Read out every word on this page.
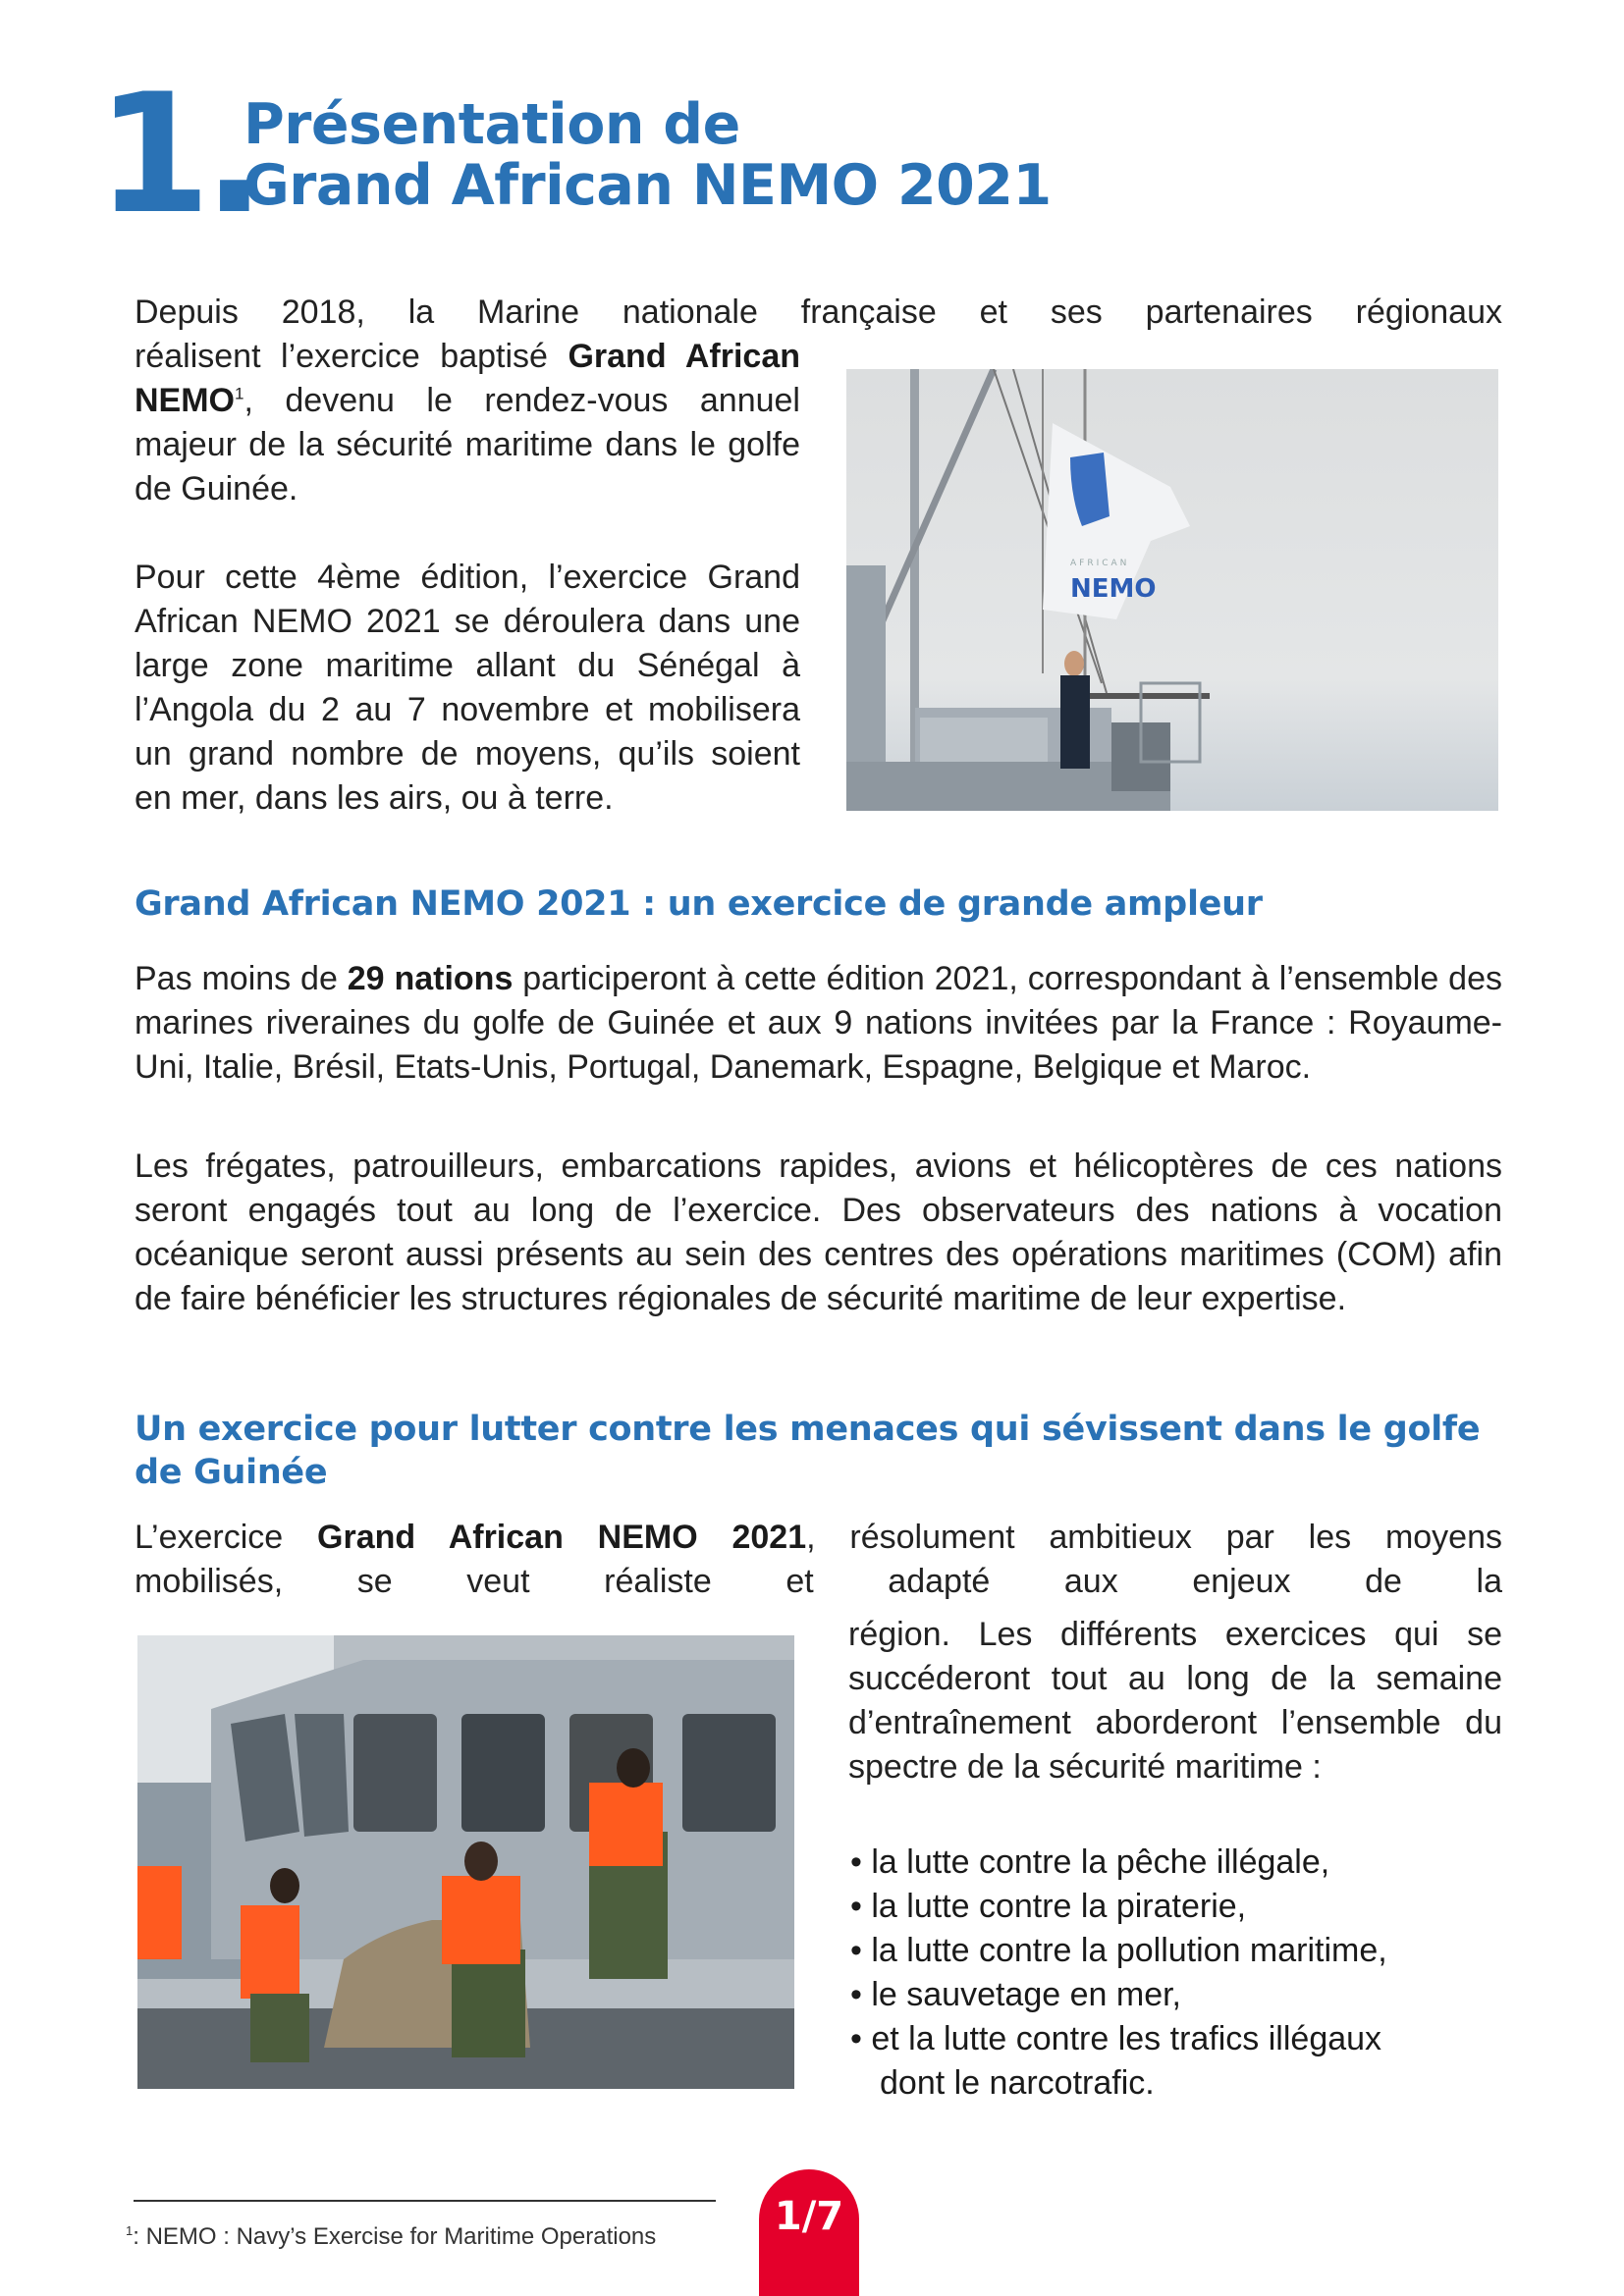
1.
Présentation de
Grand African NEMO 2021
Depuis 2018, la Marine nationale française et ses partenaires régionaux
réalisent l’exercice baptisé Grand African NEMO$^1$, devenu le rendez-vous annuel majeur de la sécurité maritime dans le golfe de Guinée.
Pour cette 4ème édition, l’exercice Grand African NEMO 2021 se déroulera dans une large zone maritime allant du Sénégal à l’Angola du 2 au 7 novembre et mobilisera un grand nombre de moyens, qu’ils soient en mer, dans les airs, ou à terre.
NEMO
AFRICAN
Grand African NEMO 2021 : un exercice de grande ampleur
Pas moins de 29 nations participeront à cette édition 2021, correspondant à l’ensemble des marines riveraines du golfe de Guinée et aux 9 nations invitées par la France : Royaume-Uni, Italie, Brésil, Etats-Unis, Portugal, Danemark, Espagne, Belgique et Maroc.
Les frégates, patrouilleurs, embarcations rapides, avions et hélicoptères de ces nations seront engagés tout au long de l’exercice. Des observateurs des nations à vocation océanique seront aussi présents au sein des centres des opérations maritimes (COM) afin de faire bénéficier les structures régionales de sécurité maritime de leur expertise.
Un exercice pour lutter contre les menaces qui sévissent dans le golfe de Guinée
L’exercice Grand African NEMO 2021, résolument ambitieux par les moyens
mobilisés, se veut réaliste et adapté aux enjeux de la
région. Les différents exercices qui se succéderont tout au long de la semaine d’entraînement aborderont l’ensemble du spectre de la sécurité maritime :
• la lutte contre la pêche illégale,
• la lutte contre la piraterie,
• la lutte contre la pollution maritime,
• le sauvetage en mer,
• et la lutte contre les trafics illégaux
dont le narcotrafic.
$^1$: NEMO : Navy’s Exercise for Maritime Operations	1/7
